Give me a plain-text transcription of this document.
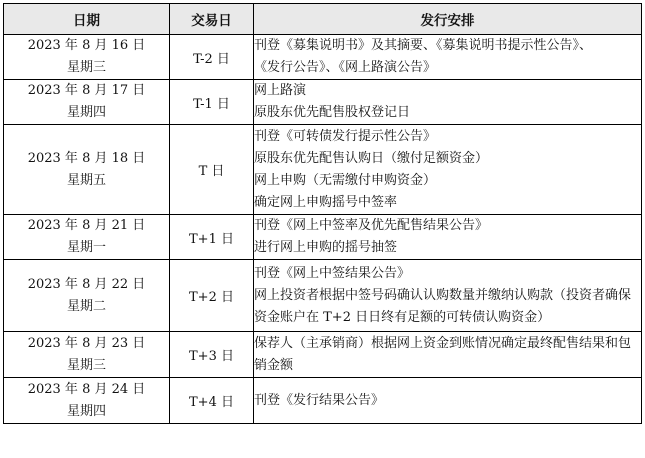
日期	交易日	发行安排

2023 年 8 月 16 日
星期三	T-2 日	刊登《募集说明书》及其摘要、《募集说明书提示性公告》、
《发行公告》、《网上路演公告》

2023 年 8 月 17 日
星期四	T-1 日	网上路演
原股东优先配售股权登记日

2023 年 8 月 18 日
星期五	T 日	刊登《可转债发行提示性公告》
原股东优先配售认购日（缴付足额资金）
网上申购（无需缴付申购资金）
确定网上申购摇号中签率

2023 年 8 月 21 日
星期一	T+1 日	刊登《网上中签率及优先配售结果公告》
进行网上申购的摇号抽签

2023 年 8 月 22 日
星期二	T+2 日	刊登《网上中签结果公告》
网上投资者根据中签号码确认认购数量并缴纳认购款（投资者确保资金账户在 T+2 日日终有足额的可转债认购资金）

2023 年 8 月 23 日
星期三	T+3 日	保荐人（主承销商）根据网上资金到账情况确定最终配售结果和包销金额

2023 年 8 月 24 日
星期四	T+4 日	刊登《发行结果公告》
